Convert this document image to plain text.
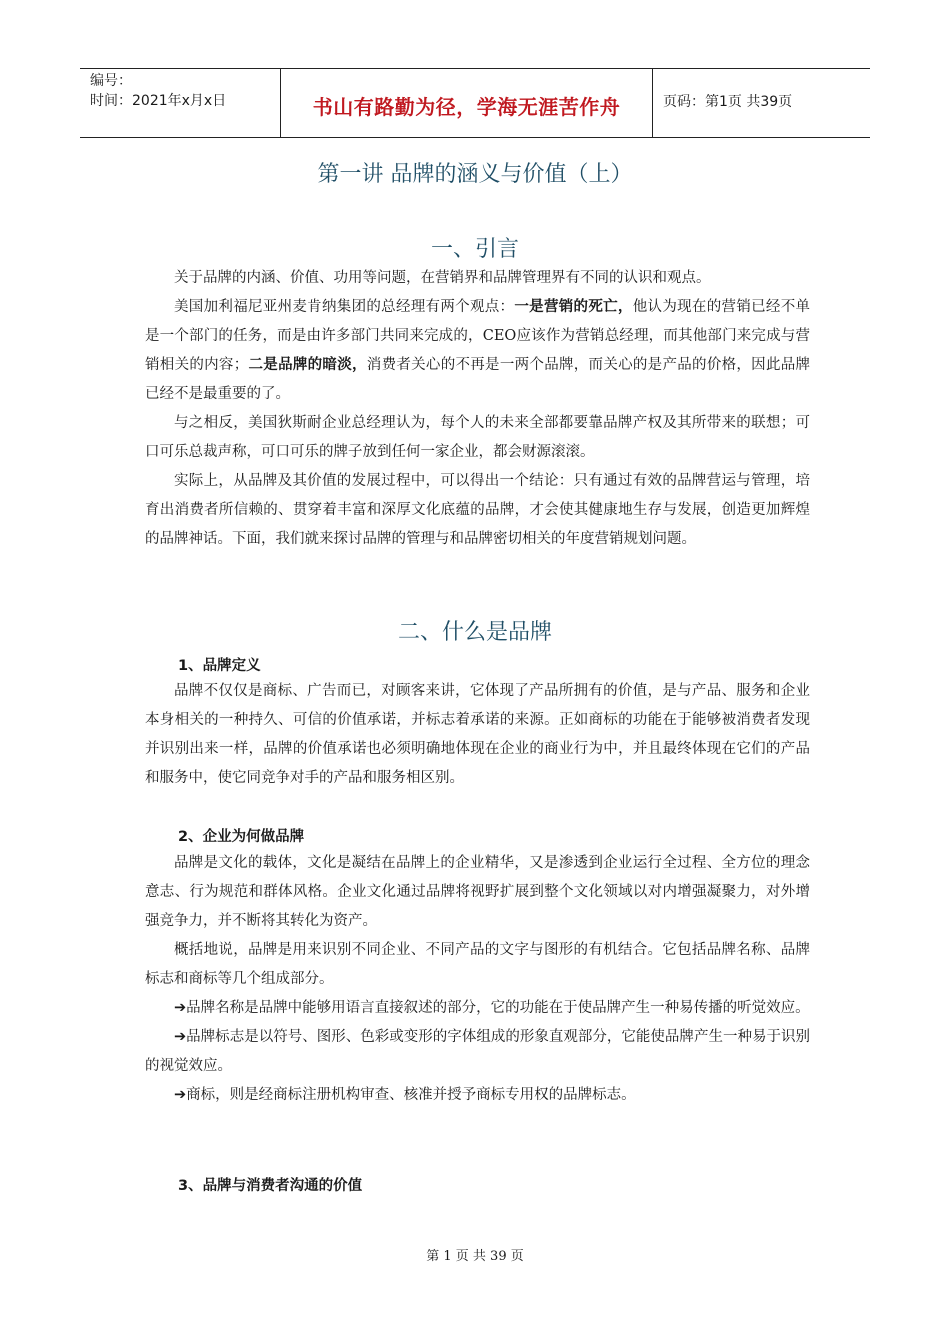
编号：
时间：2021年x月x日	书山有路勤为径，学海无涯苦作舟	页码：第1页 共39页
第一讲 品牌的涵义与价值（上）
一、引言

关于品牌的内涵、价值、功用等问题，在营销界和品牌管理界有不同的认识和观点。

美国加利福尼亚州麦肯纳集团的总经理有两个观点：一是营销的死亡，他认为现在的营销已经不单是一个部门的任务，而是由许多部门共同来完成的，CEO应该作为营销总经理，而其他部门来完成与营销相关的内容；二是品牌的暗淡，消费者关心的不再是一两个品牌，而关心的是产品的价格，因此品牌已经不是最重要的了。

与之相反，美国狄斯耐企业总经理认为，每个人的未来全部都要靠品牌产权及其所带来的联想；可口可乐总裁声称，可口可乐的牌子放到任何一家企业，都会财源滚滚。

实际上，从品牌及其价值的发展过程中，可以得出一个结论：只有通过有效的品牌营运与管理，培育出消费者所信赖的、贯穿着丰富和深厚文化底蕴的品牌，才会使其健康地生存与发展，创造更加辉煌的品牌神话。下面，我们就来探讨品牌的管理与和品牌密切相关的年度营销规划问题。

二、什么是品牌
1、品牌定义

品牌不仅仅是商标、广告而已，对顾客来讲，它体现了产品所拥有的价值，是与产品、服务和企业本身相关的一种持久、可信的价值承诺，并标志着承诺的来源。正如商标的功能在于能够被消费者发现并识别出来一样，品牌的价值承诺也必须明确地体现在企业的商业行为中，并且最终体现在它们的产品和服务中，使它同竞争对手的产品和服务相区别。

2、企业为何做品牌

品牌是文化的载体，文化是凝结在品牌上的企业精华，又是渗透到企业运行全过程、全方位的理念意志、行为规范和群体风格。企业文化通过品牌将视野扩展到整个文化领域以对内增强凝聚力，对外增强竞争力，并不断将其转化为资产。

概括地说，品牌是用来识别不同企业、不同产品的文字与图形的有机结合。它包括品牌名称、品牌标志和商标等几个组成部分。

➔品牌名称是品牌中能够用语言直接叙述的部分，它的功能在于使品牌产生一种易传播的听觉效应。

➔品牌标志是以符号、图形、色彩或变形的字体组成的形象直观部分，它能使品牌产生一种易于识别的视觉效应。

➔商标，则是经商标注册机构审查、核准并授予商标专用权的品牌标志。

3、品牌与消费者沟通的价值
第 1 页 共 39 页
